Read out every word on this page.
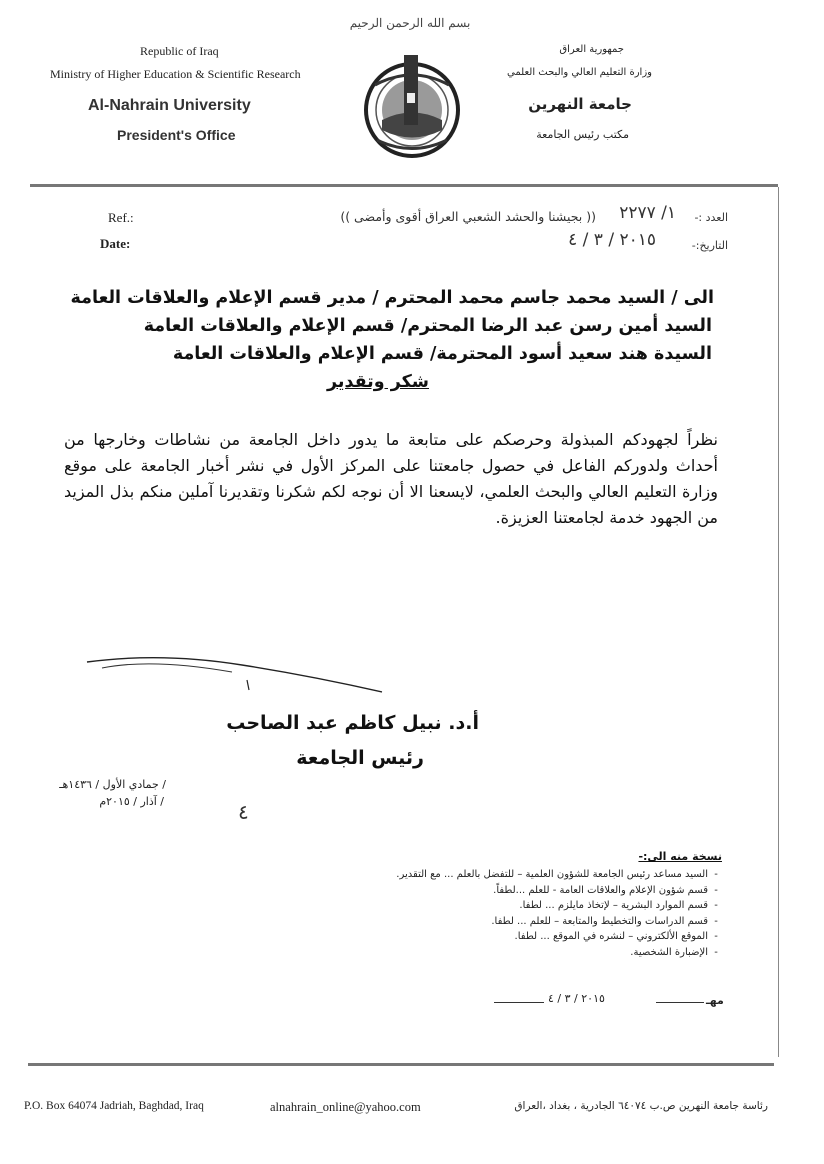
بسم الله الرحمن الرحيم
Republic of Iraq
Ministry of Higher Education & Scientific Research
Al-Nahrain University
President's Office
جمهورية العراق
وزارة التعليم العالي والبحث العلمي
جامعة النهرين
مكتب رئيس الجامعة
Ref.:
Date:
العدد :-
١/ ٢٢٧٧
(( بجيشنا والحشد الشعبي العراق أقوى وأمضى ))
التاريخ:-
٢٠١٥ / ٣ / ٤
الى / السيد محمد جاسم محمد المحترم / مدير قسم الإعلام والعلاقات العامة
السيد أمين رسن عبد الرضا المحترم/ قسم الإعلام والعلاقات العامة
السيدة هند سعيد أسود المحترمة/ قسم الإعلام والعلاقات العامة
شكر وتقدير

نظراً لجهودكم المبذولة وحرصكم على متابعة ما يدور داخل الجامعة من نشاطات وخارجها من أحداث ولدوركم الفاعل في حصول جامعتنا على المركز الأول في نشر أخبار الجامعة على موقع وزارة التعليم العالي والبحث العلمي، لايسعنا الا أن نوجه لكم شكرنا وتقديرنا آملين منكم بذل المزيد من الجهود خدمة لجامعتنا العزيزة.

أ.د. نبيل كاظم عبد الصاحب
رئيس الجامعة
/ جمادي الأول / ١٤٣٦هـ
/ آذار / ٢٠١٥م	٤
نسخة منه الى:-
-السيد مساعد رئيس الجامعة للشؤون العلمية – للتفضل بالعلم ... مع التقدير.
-قسم شؤون الإعلام والعلاقات العامة - للعلم ...لطفاً.
-قسم الموارد البشرية – لإتخاذ مايلزم ... لطفا.
-قسم الدراسات والتخطيط والمتابعة – للعلم ... لطفا.
-الموقع الألكتروني – لنشره في الموقع ... لطفا.
-الإضبارة الشخصية.
مهـ
٢٠١٥ / ٣ / ٤
P.O. Box 64074 Jadriah, Baghdad, Iraq	alnahrain_online@yahoo.com	رئاسة جامعة النهرين ص.ب ٦٤٠٧٤ الجادرية ، بغداد ،العراق
